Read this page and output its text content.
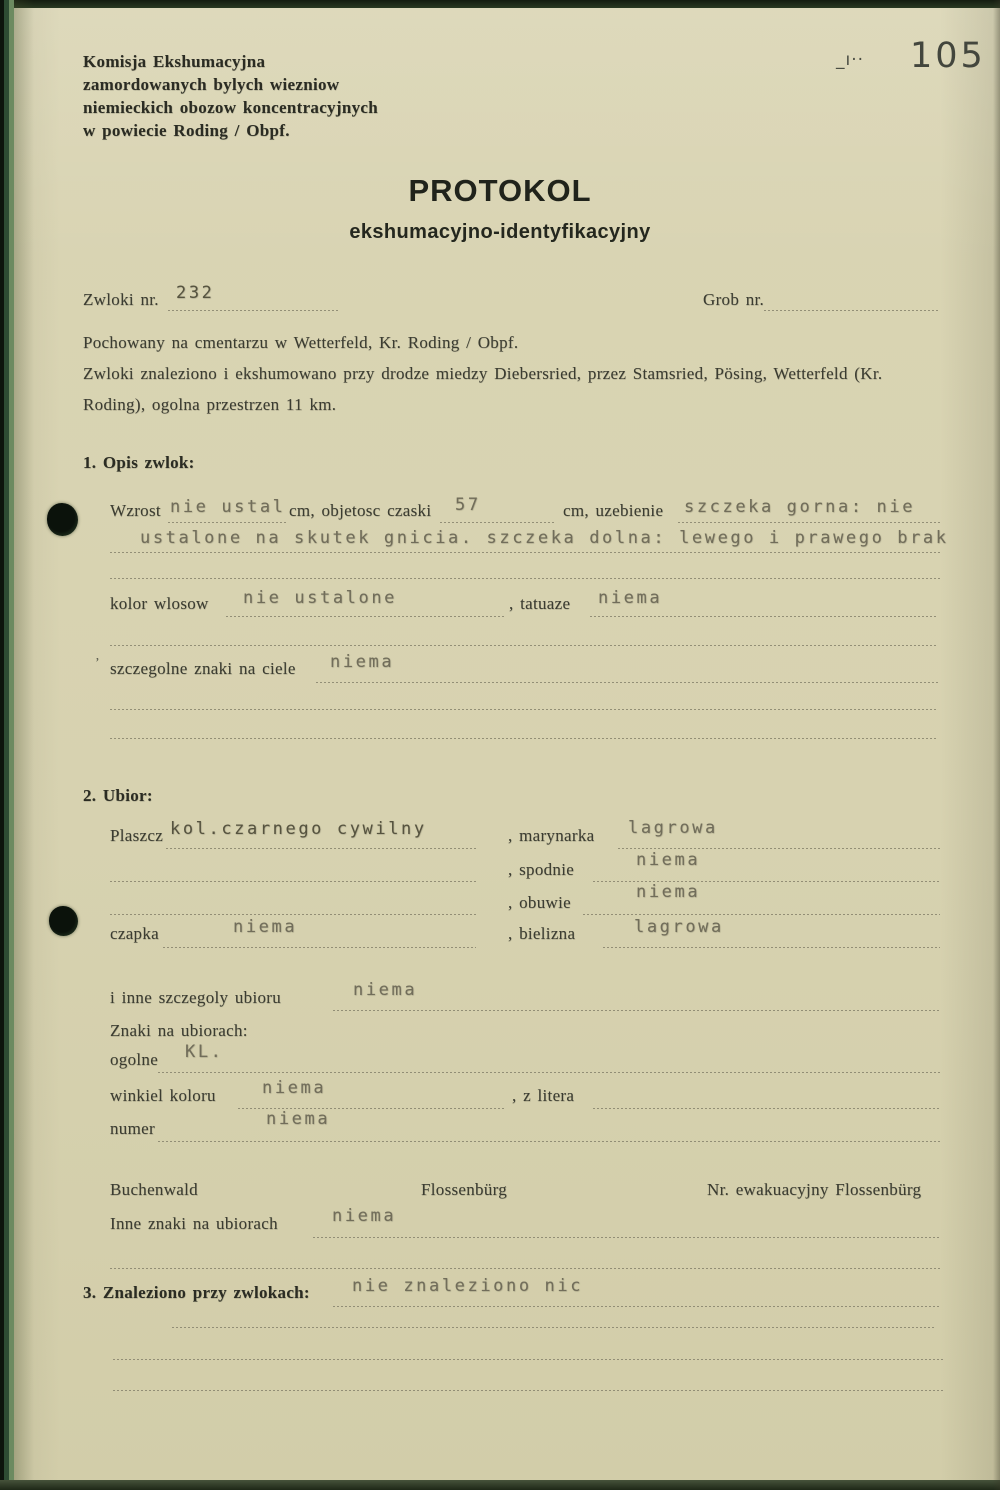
Komisja Ekshumacyjna
zamordowanych bylych wiezniow
niemieckich obozow koncentracyjnych
w powiecie Roding / Obpf.
_ı·· 105
PROTOKOL
ekshumacyjno-identyfikacyjny
Zwloki nr. 232	Grob nr.
Pochowany na cmentarzu w Wetterfeld, Kr. Roding / Obpf.
Zwloki znaleziono i ekshumowano przy drodze miedzy Diebersried, przez Stamsried, Pösing, Wetterfeld (Kr.
Roding), ogolna przestrzen 11 km.
1. Opis zwlok:
Wzrost nie ustal cm, objetosc czaski 57	cm, uzebienie szczeka gorna: nie
ustalone na skutek gnicia. szczeka dolna: lewego i prawego brak
kolor wlosow nie ustalone	, tatuaze niema
’ szczegolne znaki na ciele niema
2. Ubior:
Plaszcz kol.czarnego cywilny	, marynarka lagrowa
, spodnie	niema
, obuwie
niema
czapka	niema	, bielizna	lagrowa
i inne szczegoly ubioru	niema
Znaki na ubiorach:
ogolne KL.
winkiel koloru	niema	, z litera
numer	niema
Buchenwald	Flossenbürg	Nr. ewakuacyjny Flossenbürg
Inne znaki na ubiorach	niema
3. Znaleziono przy zwlokach: nie znaleziono nic
